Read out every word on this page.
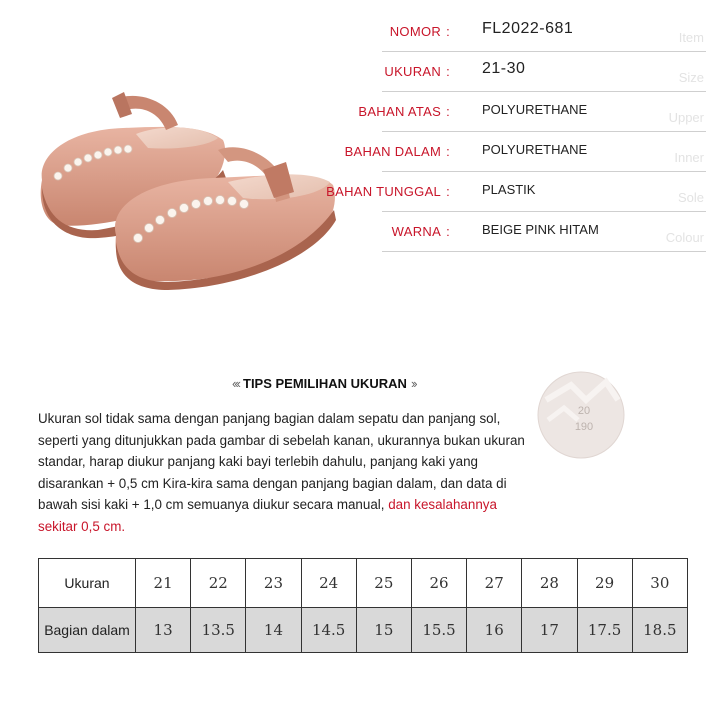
NOMOR : FL2022-681
Item
UKURAN : 21-30
Size
BAHAN ATAS : POLYURETHANE
Upper
BAHAN DALAM : POLYURETHANE
Inner
BAHAN TUNGGAL : PLASTIK
Sole
WARNA : BEIGE PINK HITAM
Colour
‹‹‹ TIPS PEMILIHAN UKURAN ››
Ukuran sol tidak sama dengan panjang bagian dalam sepatu dan panjang sol, seperti yang ditunjukkan pada gambar di sebelah kanan, ukurannya bukan ukuran standar, harap diukur panjang kaki bayi terlebih dahulu, panjang kaki yang disarankan + 0,5 cm Kira-kira sama dengan panjang bagian dalam, dan data di bawah sisi kaki + 1,0 cm semuanya diukur secara manual, dan kesalahannya sekitar 0,5 cm.
20
190
Ukuran	21	22	23	24	25	26	27	28	29	30
Bagian dalam	13	13.5	14	14.5	15	15.5	16	17	17.5	18.5
